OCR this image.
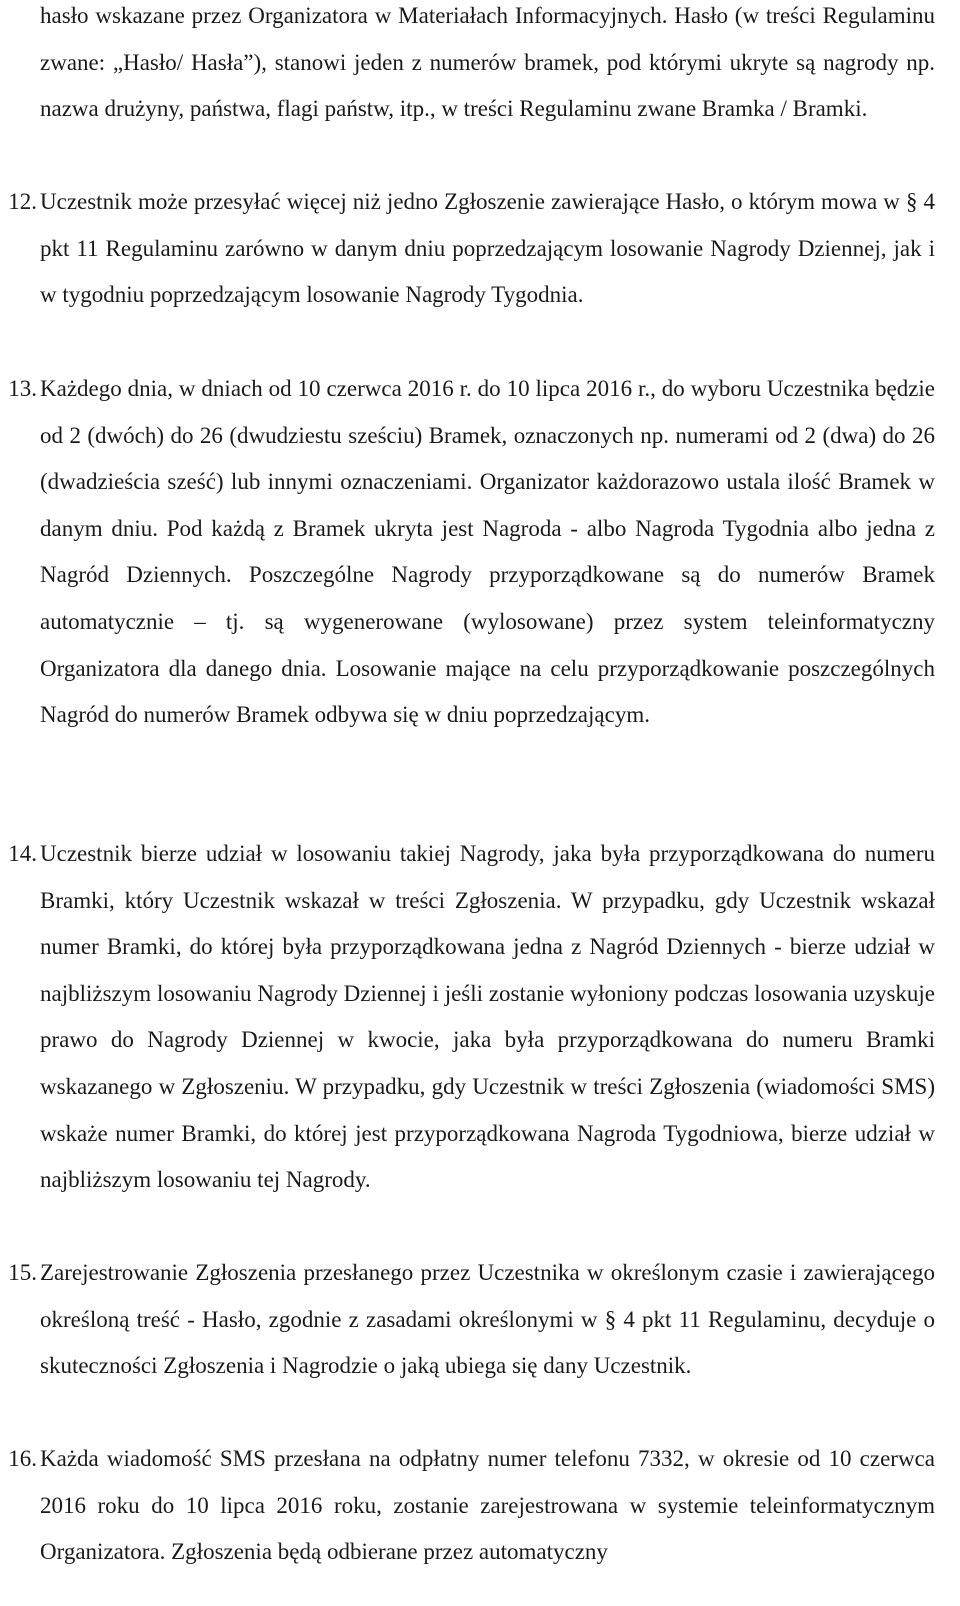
hasło wskazane przez Organizatora w Materiałach Informacyjnych. Hasło (w treści Regulaminu zwane: „Hasło/ Hasła”), stanowi jeden z numerów bramek, pod którymi ukryte są nagrody np. nazwa drużyny, państwa, flagi państw, itp., w treści Regulaminu zwane Bramka / Bramki.
12. Uczestnik może przesyłać więcej niż jedno Zgłoszenie zawierające Hasło, o którym mowa w § 4 pkt 11 Regulaminu zarówno w danym dniu poprzedzającym losowanie Nagrody Dziennej, jak i w tygodniu poprzedzającym losowanie Nagrody Tygodnia.
13. Każdego dnia, w dniach od 10 czerwca 2016 r. do 10 lipca 2016 r., do wyboru Uczestnika będzie od 2 (dwóch) do 26 (dwudziestu sześciu) Bramek, oznaczonych np. numerami od 2 (dwa) do 26 (dwadzieścia sześć) lub innymi oznaczeniami. Organizator każdorazowo ustala ilość Bramek w danym dniu. Pod każdą z Bramek ukryta jest Nagroda - albo Nagroda Tygodnia albo jedna z Nagród Dziennych. Poszczególne Nagrody przyporządkowane są do numerów Bramek automatycznie – tj. są wygenerowane (wylosowane) przez system teleinformatyczny Organizatora dla danego dnia. Losowanie mające na celu przyporządkowanie poszczególnych Nagród do numerów Bramek odbywa się w dniu poprzedzającym.
14. Uczestnik bierze udział w losowaniu takiej Nagrody, jaka była przyporządkowana do numeru Bramki, który Uczestnik wskazał w treści Zgłoszenia. W przypadku, gdy Uczestnik wskazał numer Bramki, do której była przyporządkowana jedna z Nagród Dziennych - bierze udział w najbliższym losowaniu Nagrody Dziennej i jeśli zostanie wyłoniony podczas losowania uzyskuje prawo do Nagrody Dziennej w kwocie, jaka była przyporządkowana do numeru Bramki wskazanego w Zgłoszeniu. W przypadku, gdy Uczestnik w treści Zgłoszenia (wiadomości SMS) wskaże numer Bramki, do której jest przyporządkowana Nagroda Tygodniowa, bierze udział w najbliższym losowaniu tej Nagrody.
15. Zarejestrowanie Zgłoszenia przesłanego przez Uczestnika w określonym czasie i zawierającego określoną treść - Hasło, zgodnie z zasadami określonymi w § 4 pkt 11 Regulaminu, decyduje o skuteczności Zgłoszenia i Nagrodzie o jaką ubiega się dany Uczestnik.
16. Każda wiadomość SMS przesłana na odpłatny numer telefonu 7332, w okresie od 10 czerwca 2016 roku do 10 lipca 2016 roku, zostanie zarejestrowana w systemie teleinformatycznym Organizatora. Zgłoszenia będą odbierane przez automatyczny
